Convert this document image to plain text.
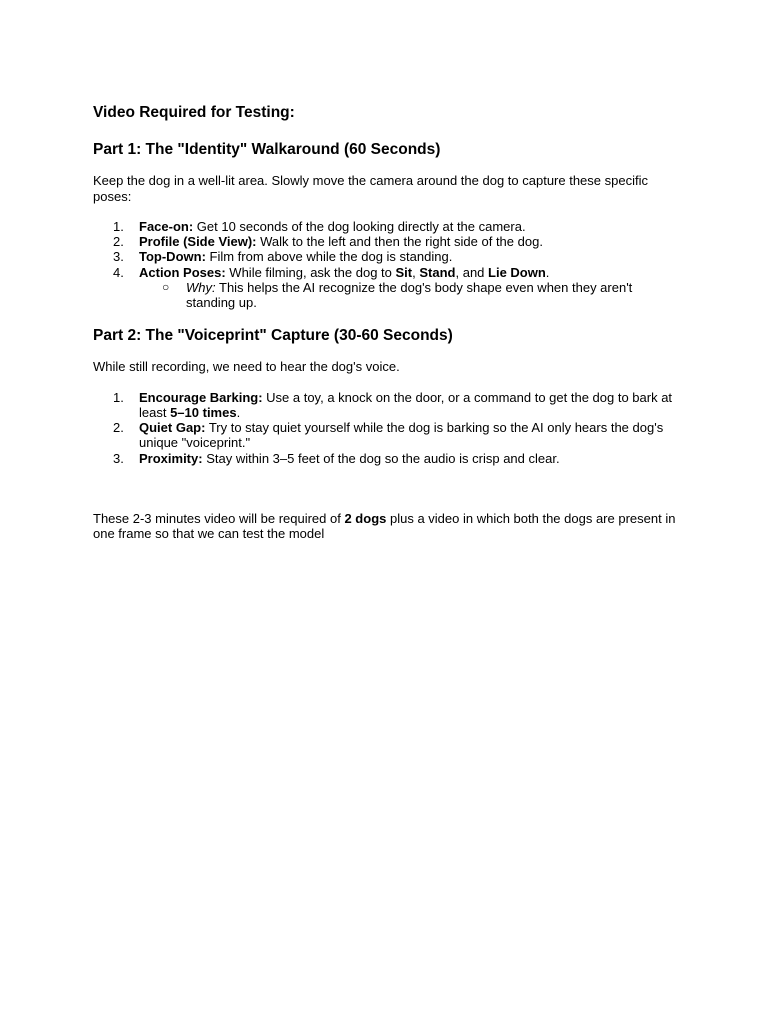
Video Required for Testing:
Part 1: The "Identity" Walkaround (60 Seconds)

Keep the dog in a well-lit area. Slowly move the camera around the dog to capture these specific poses:

1. Face-on: Get 10 seconds of the dog looking directly at the camera.
2. Profile (Side View): Walk to the left and then the right side of the dog.
3. Top-Down: Film from above while the dog is standing.
4. Action Poses: While filming, ask the dog to Sit, Stand, and Lie Down.
○ Why: This helps the AI recognize the dog's body shape even when they aren't standing up.
Part 2: The "Voiceprint" Capture (30-60 Seconds)

While still recording, we need to hear the dog's voice.

1. Encourage Barking: Use a toy, a knock on the door, or a command to get the dog to bark at least 5–10 times.
2. Quiet Gap: Try to stay quiet yourself while the dog is barking so the AI only hears the dog's unique "voiceprint."
3. Proximity: Stay within 3–5 feet of the dog so the audio is crisp and clear.

These 2-3 minutes video will be required of 2 dogs plus a video in which both the dogs are present in one frame so that we can test the model
